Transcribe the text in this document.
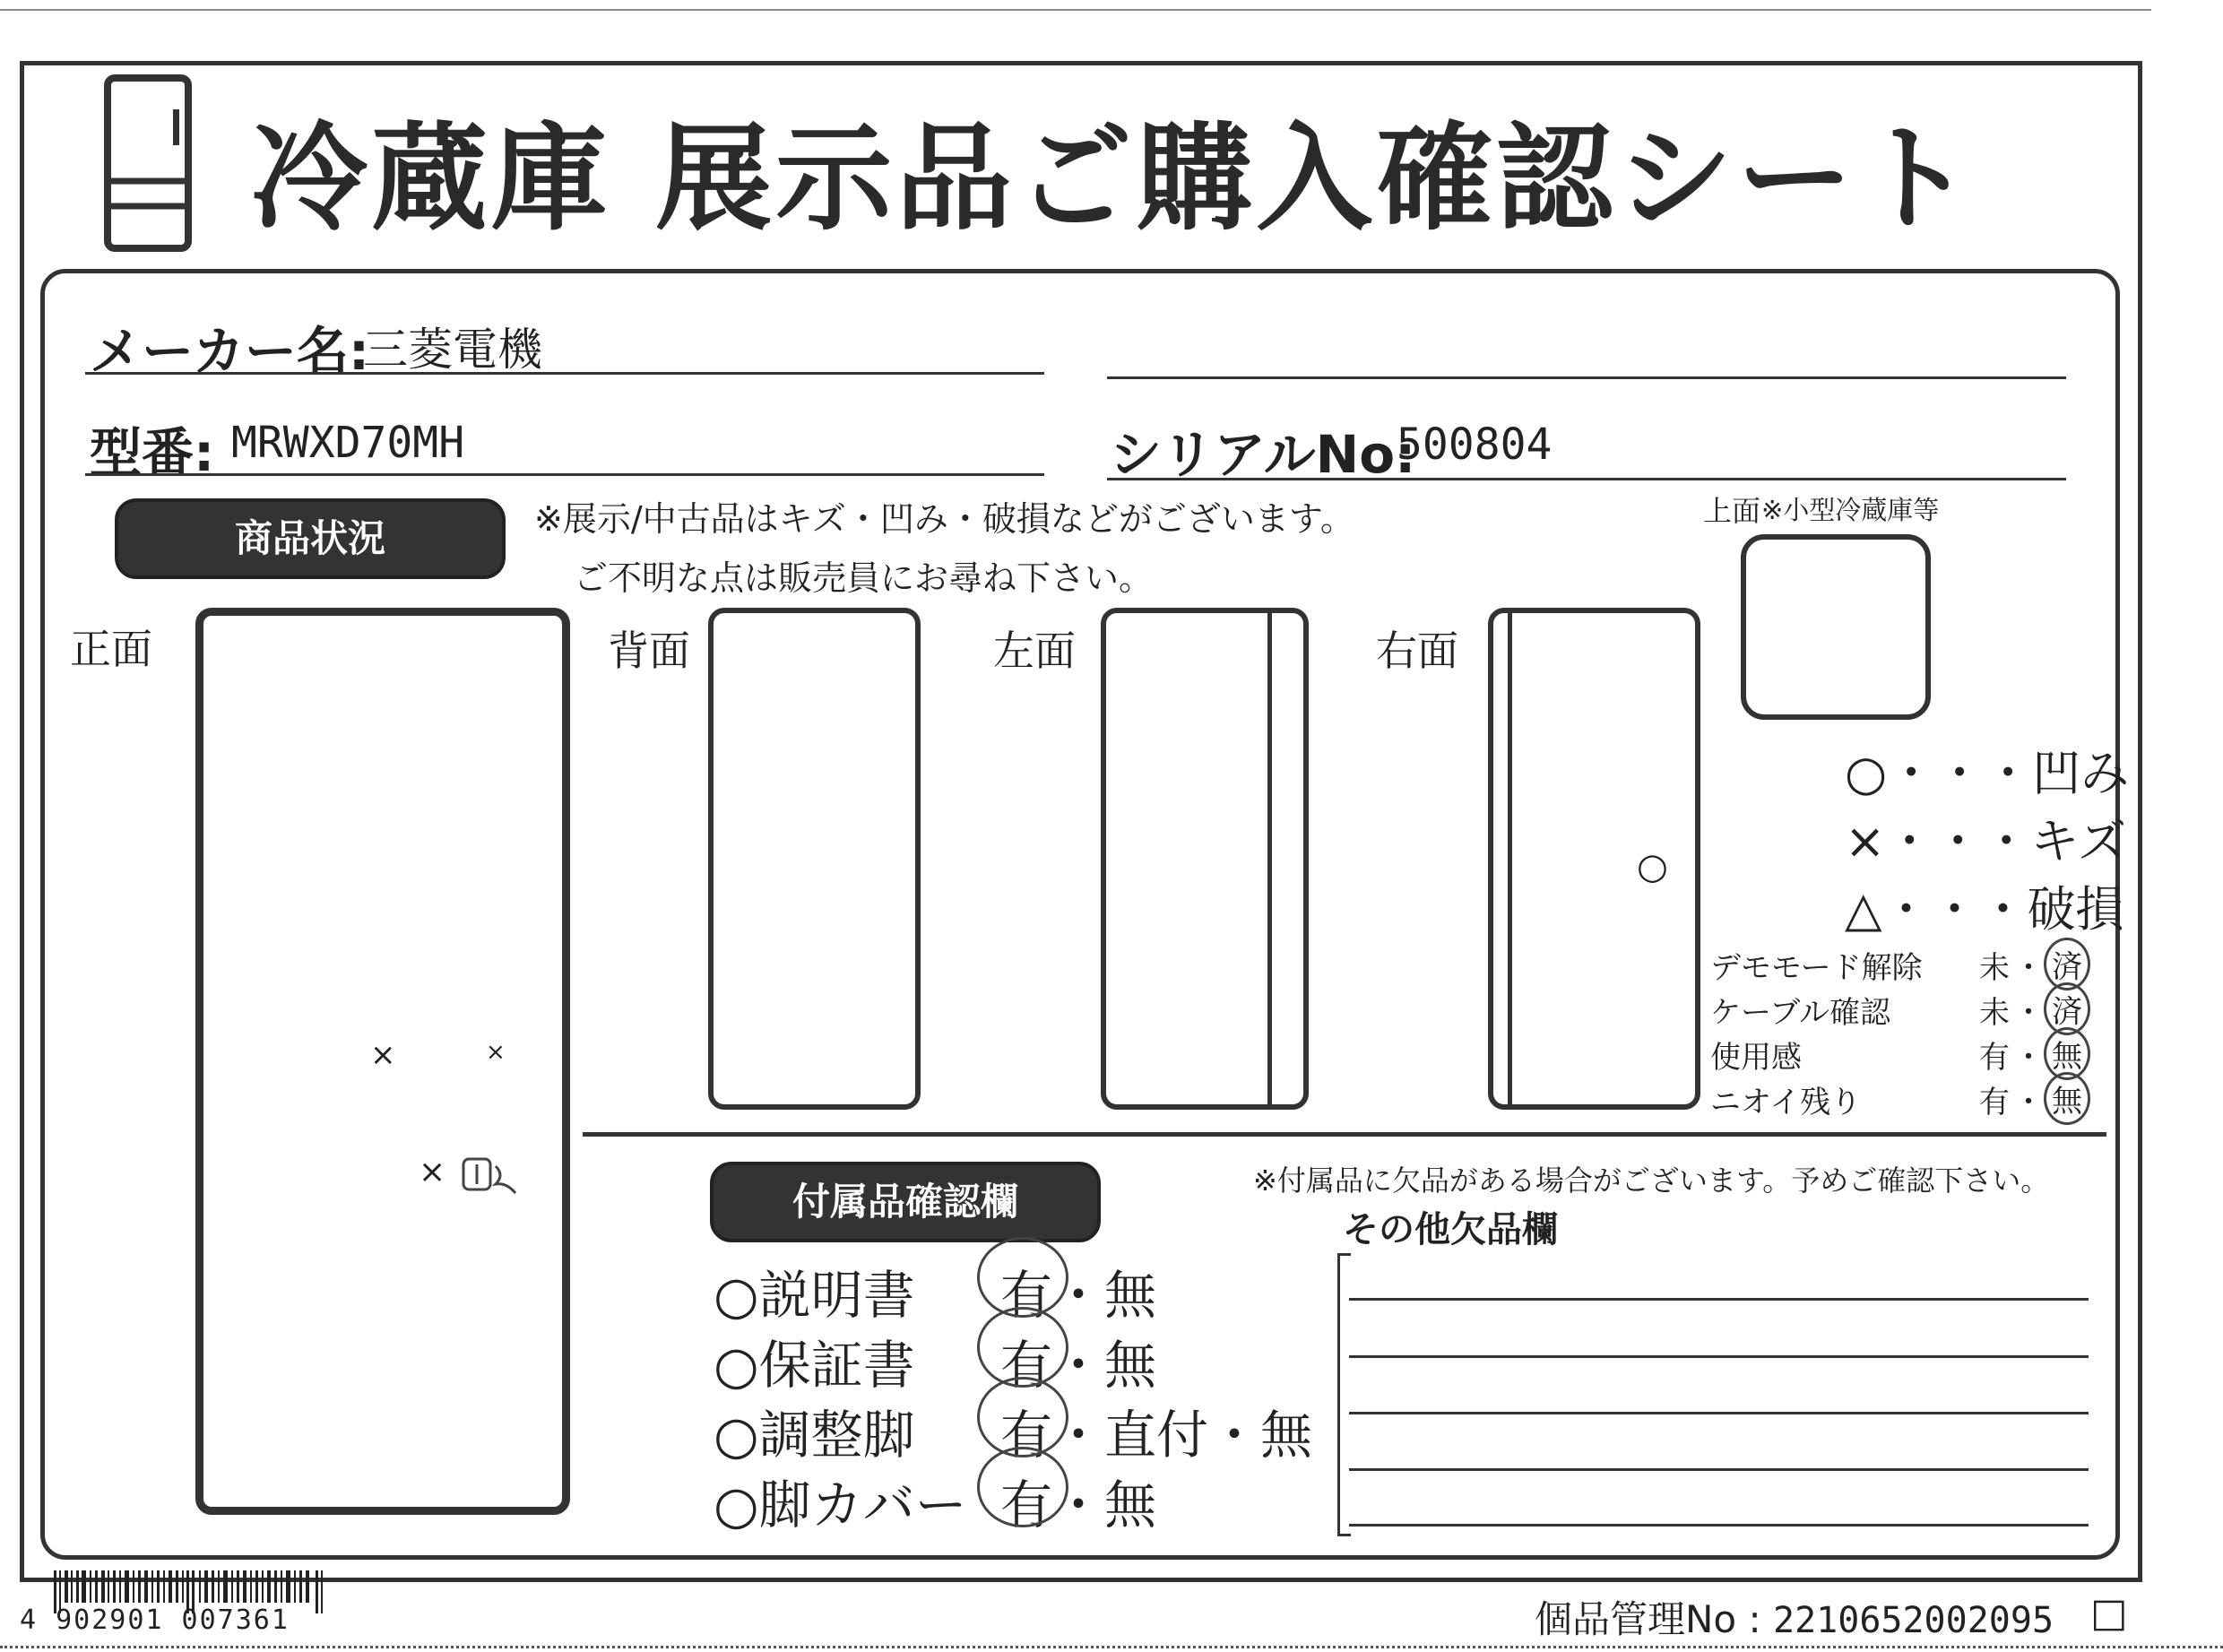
冷蔵庫 展示品ご購入確認シート
メーカー名:
三菱電機
型番: MRWXD70MH	シリアルNo:
500804
商品状況	※展示/中古品はキズ・凹み・破損などがございます。
ご不明な点は販売員にお尋ね下さい。
正面	背面	左面	右面
上面 ※小型冷蔵庫等
×	×
×
○
○・・・凹み
×・・・キズ
△・・・破損
デモモード解除 未 ・ 済
ケーブル確認	未 ・ 済
使用感	有 ・ 無
ニオイ残り	有 ・ 無
付属品確認欄	※付属品に欠品がある場合がございます。予めご確認下さい。
その他欠品欄
○説明書 有・無
○保証書 有・無
○調整脚 有・直付・無
○脚カバー 有・無
4 902901 007361	個品管理No : 2210652002095 □
